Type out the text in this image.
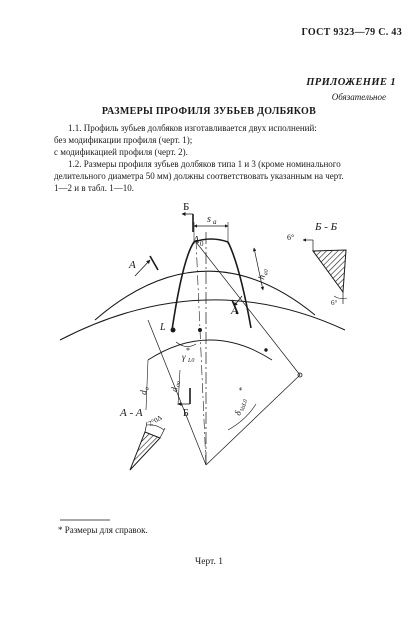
ГОСТ 9323—79 С. 43

ПРИЛОЖЕНИЕ 1

Обязательное

РАЗМЕРЫ ПРОФИЛЯ ЗУБЬЕВ ДОЛБЯКОВ

1.1. Профиль зубьев долбяков изготавливается двух исполнений:

без модификации профиля (черт. 1);

с модификацией профиля (черт. 2).

1.2. Размеры профиля зубьев долбяков типа 1 и 3 (кроме номинального

делительного диаметра 50 мм) должны соответствовать указанным на черт.

1—2 и в табл. 1—10.

Б
s a
A 0
A
A
L
Б
h
a0
γ L0
*
d
a d
ao
δ
VaL0
*
Б - Б
6°
6°
А - А
2°0Δ

* Размеры для справок.

Черт. 1
